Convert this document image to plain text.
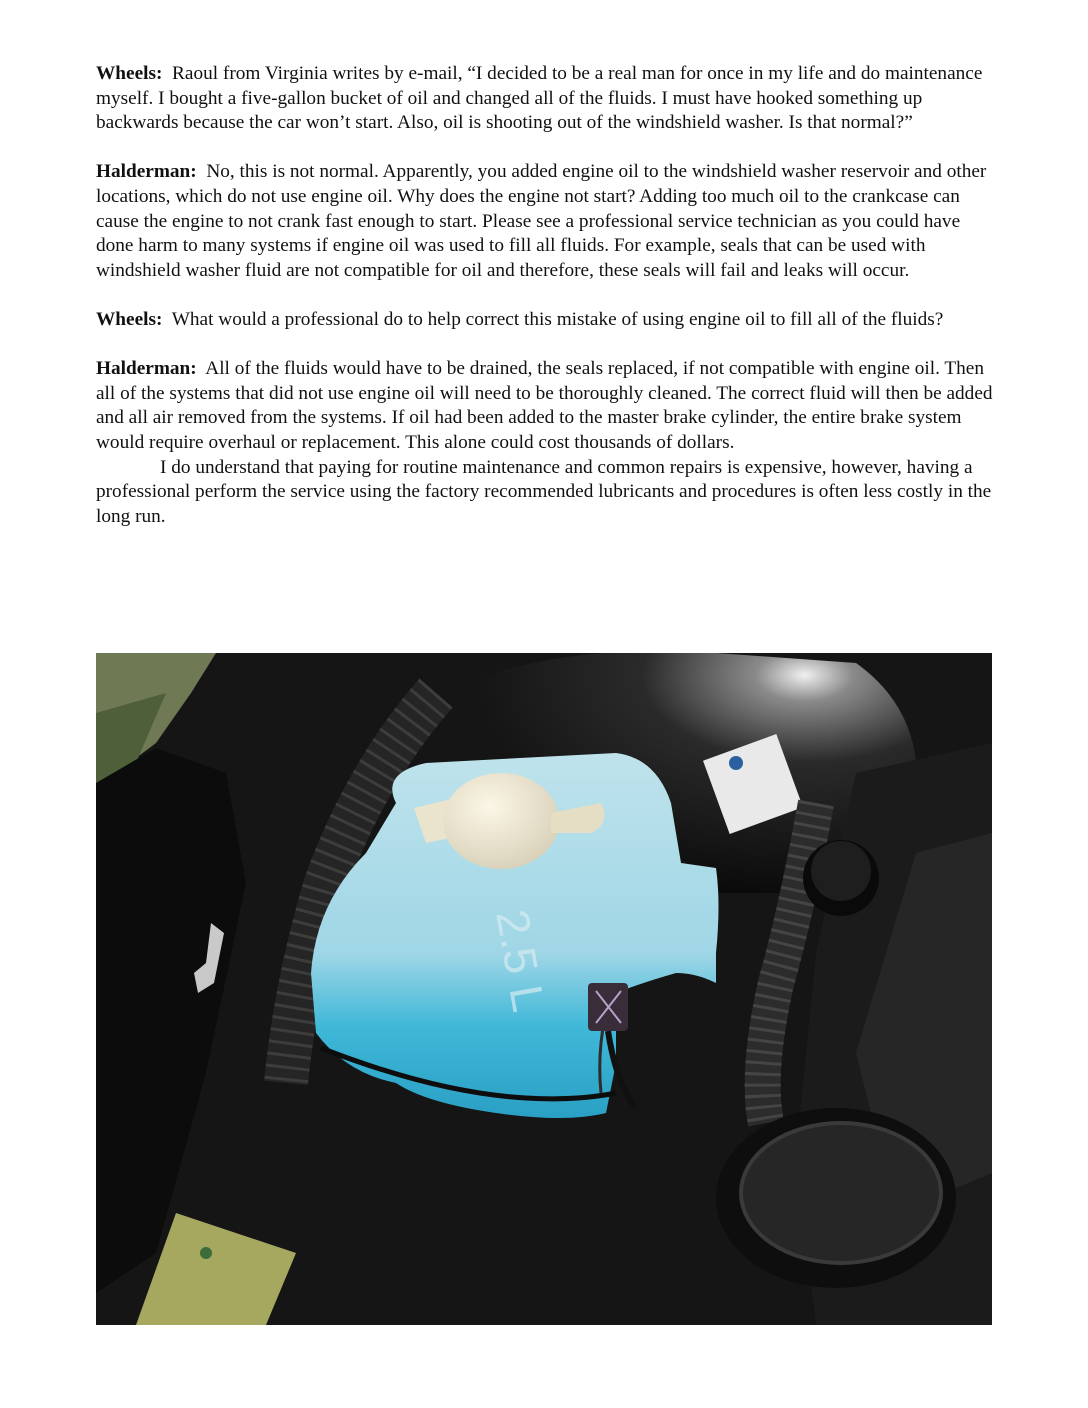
Wheels: Raoul from Virginia writes by e-mail, “I decided to be a real man for once in my life and do maintenance myself. I bought a five-gallon bucket of oil and changed all of the fluids. I must have hooked something up backwards because the car won’t start. Also, oil is shooting out of the windshield washer. Is that normal?”

Halderman: No, this is not normal. Apparently, you added engine oil to the windshield washer reservoir and other locations, which do not use engine oil. Why does the engine not start? Adding too much oil to the crankcase can cause the engine to not crank fast enough to start. Please see a professional service technician as you could have done harm to many systems if engine oil was used to fill all fluids. For example, seals that can be used with windshield washer fluid are not compatible for oil and therefore, these seals will fail and leaks will occur.

Wheels: What would a professional do to help correct this mistake of using engine oil to fill all of the fluids?

Halderman: All of the fluids would have to be drained, the seals replaced, if not compatible with engine oil. Then all of the systems that did not use engine oil will need to be thoroughly cleaned. The correct fluid will then be added and all air removed from the systems. If oil had been added to the master brake cylinder, the entire brake system would require overhaul or replacement. This alone could cost thousands of dollars.

I do understand that paying for routine maintenance and common repairs is expensive, however, having a professional perform the service using the factory recommended lubricants and procedures is often less costly in the long run.

2.5 L
